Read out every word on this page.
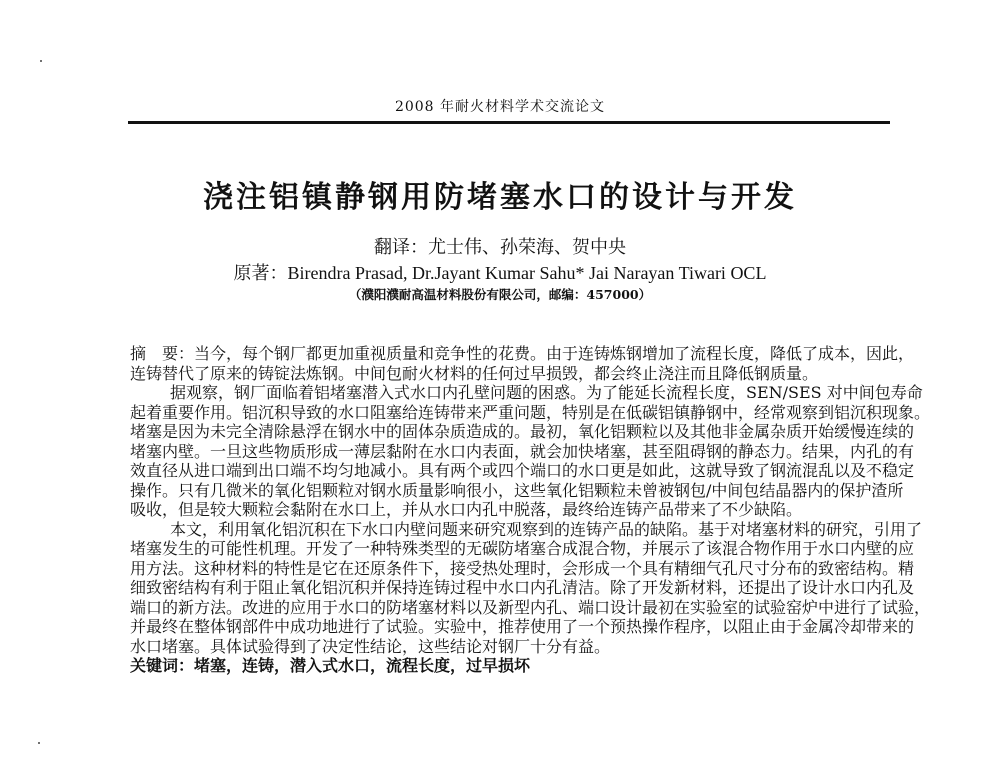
2008 年耐火材料学术交流论文
浇注铝镇静钢用防堵塞水口的设计与开发
翻译：尤士伟、孙荣海、贺中央
原著：Birendra Prasad, Dr.Jayant Kumar Sahu* Jai Narayan Tiwari OCL
（濮阳濮耐高温材料股份有限公司，邮编：457000）
摘　要：当今，每个钢厂都更加重视质量和竞争性的花费。由于连铸炼钢增加了流程长度，降低了成本，因此，
连铸替代了原来的铸锭法炼钢。中间包耐火材料的任何过早损毁，都会终止浇注而且降低钢质量。
据观察，钢厂面临着铝堵塞潜入式水口内孔壁问题的困惑。为了能延长流程长度，SEN/SES 对中间包寿命
起着重要作用。铝沉积导致的水口阻塞给连铸带来严重问题，特别是在低碳铝镇静钢中，经常观察到铝沉积现象。
堵塞是因为未完全清除悬浮在钢水中的固体杂质造成的。最初，氧化铝颗粒以及其他非金属杂质开始缓慢连续的
堵塞内壁。一旦这些物质形成一薄层黏附在水口内表面，就会加快堵塞，甚至阻碍钢的静态力。结果，内孔的有
效直径从进口端到出口端不均匀地减小。具有两个或四个端口的水口更是如此，这就导致了钢流混乱以及不稳定
操作。只有几微米的氧化铝颗粒对钢水质量影响很小，这些氧化铝颗粒未曾被钢包/中间包结晶器内的保护渣所
吸收，但是较大颗粒会黏附在水口上，并从水口内孔中脱落，最终给连铸产品带来了不少缺陷。
本文，利用氧化铝沉积在下水口内壁问题来研究观察到的连铸产品的缺陷。基于对堵塞材料的研究，引用了
堵塞发生的可能性机理。开发了一种特殊类型的无碳防堵塞合成混合物，并展示了该混合物作用于水口内壁的应
用方法。这种材料的特性是它在还原条件下，接受热处理时，会形成一个具有精细气孔尺寸分布的致密结构。精
细致密结构有利于阻止氧化铝沉积并保持连铸过程中水口内孔清洁。除了开发新材料，还提出了设计水口内孔及
端口的新方法。改进的应用于水口的防堵塞材料以及新型内孔、端口设计最初在实验室的试验窑炉中进行了试验，
并最终在整体钢部件中成功地进行了试验。实验中，推荐使用了一个预热操作程序，以阻止由于金属冷却带来的
水口堵塞。具体试验得到了决定性结论，这些结论对钢厂十分有益。
关键词：堵塞，连铸，潜入式水口，流程长度，过早损坏
